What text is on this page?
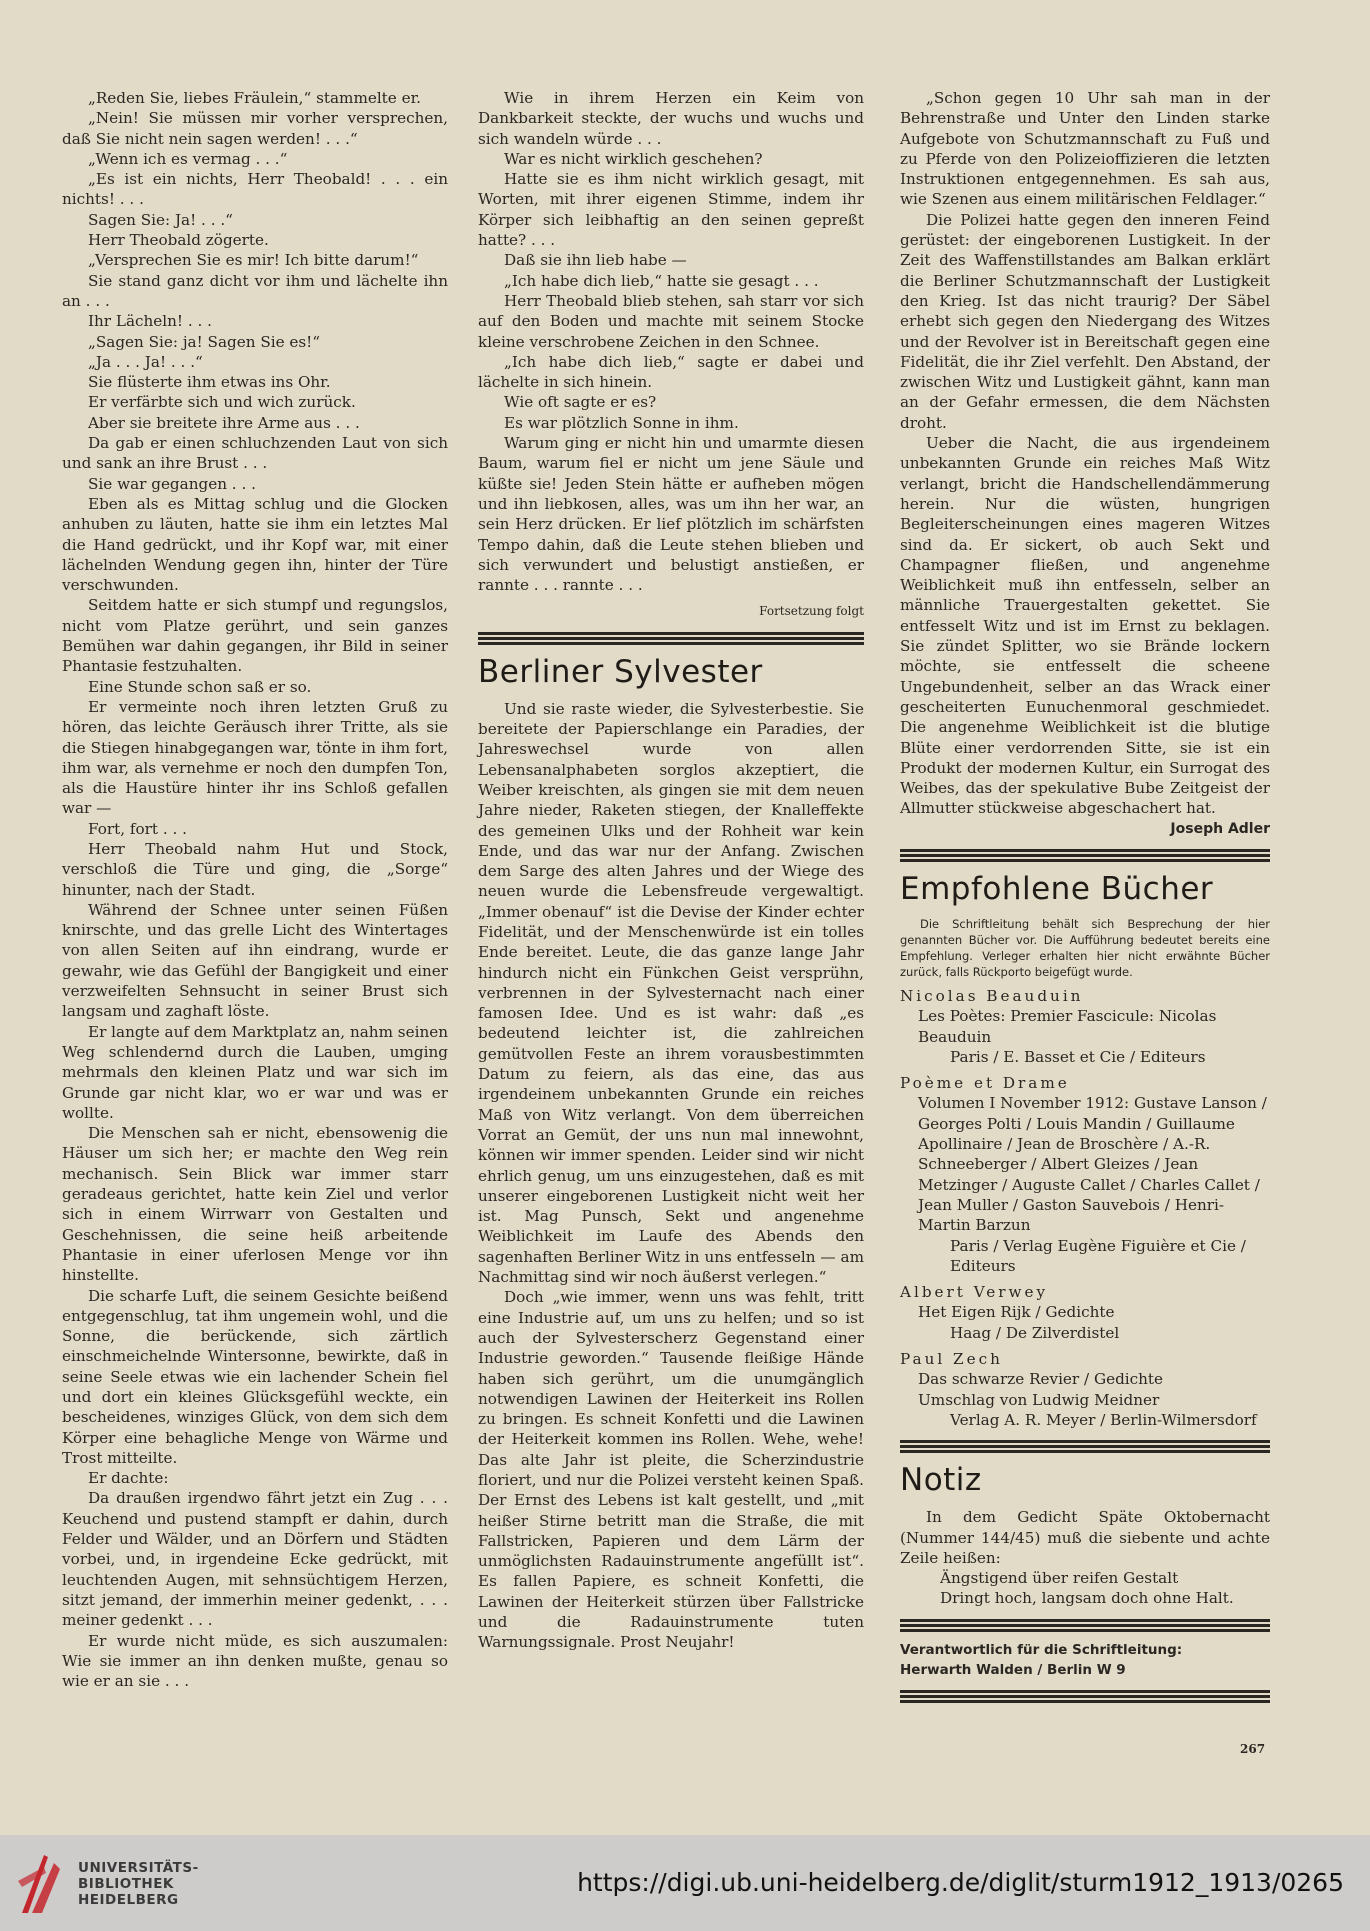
„Reden Sie, liebes Fräulein,“ stammelte er.

„Nein! Sie müssen mir vorher versprechen, daß Sie nicht nein sagen werden! . . .“

„Wenn ich es vermag . . .“

„Es ist ein nichts, Herr Theobald! . . . ein nichts! . . .

Sagen Sie: Ja! . . .“

Herr Theobald zögerte.

„Versprechen Sie es mir! Ich bitte darum!“

Sie stand ganz dicht vor ihm und lächelte ihn an . . .

Ihr Lächeln! . . .

„Sagen Sie: ja! Sagen Sie es!“

„Ja . . . Ja! . . .“

Sie flüsterte ihm etwas ins Ohr.

Er verfärbte sich und wich zurück.

Aber sie breitete ihre Arme aus . . .

Da gab er einen schluchzenden Laut von sich und sank an ihre Brust . . .

Sie war gegangen . . .

Eben als es Mittag schlug und die Glocken anhuben zu läuten, hatte sie ihm ein letztes Mal die Hand gedrückt, und ihr Kopf war, mit einer lächelnden Wendung gegen ihn, hinter der Türe verschwunden.

Seitdem hatte er sich stumpf und regungslos, nicht vom Platze gerührt, und sein ganzes Bemühen war dahin gegangen, ihr Bild in seiner Phantasie festzuhalten.

Eine Stunde schon saß er so.

Er vermeinte noch ihren letzten Gruß zu hören, das leichte Geräusch ihrer Tritte, als sie die Stiegen hinabgegangen war, tönte in ihm fort, ihm war, als vernehme er noch den dumpfen Ton, als die Haustüre hinter ihr ins Schloß gefallen war —

Fort, fort . . .

Herr Theobald nahm Hut und Stock, verschloß die Türe und ging, die „Sorge“ hinunter, nach der Stadt.

Während der Schnee unter seinen Füßen knirschte, und das grelle Licht des Wintertages von allen Seiten auf ihn eindrang, wurde er gewahr, wie das Gefühl der Bangigkeit und einer verzweifelten Sehnsucht in seiner Brust sich langsam und zaghaft löste.

Er langte auf dem Marktplatz an, nahm seinen Weg schlendernd durch die Lauben, umging mehrmals den kleinen Platz und war sich im Grunde gar nicht klar, wo er war und was er wollte.

Die Menschen sah er nicht, ebensowenig die Häuser um sich her; er machte den Weg rein mechanisch. Sein Blick war immer starr geradeaus gerichtet, hatte kein Ziel und verlor sich in einem Wirrwarr von Gestalten und Geschehnissen, die seine heiß arbeitende Phantasie in einer uferlosen Menge vor ihn hinstellte.

Die scharfe Luft, die seinem Gesichte beißend entgegenschlug, tat ihm ungemein wohl, und die Sonne, die berückende, sich zärtlich einschmeichelnde Wintersonne, bewirkte, daß in seine Seele etwas wie ein lachender Schein fiel und dort ein kleines Glücksgefühl weckte, ein bescheidenes, winziges Glück, von dem sich dem Körper eine behagliche Menge von Wärme und Trost mitteilte.

Er dachte:

Da draußen irgendwo fährt jetzt ein Zug . . . Keuchend und pustend stampft er dahin, durch Felder und Wälder, und an Dörfern und Städten vorbei, und, in irgendeine Ecke gedrückt, mit leuchtenden Augen, mit sehnsüchtigem Herzen, sitzt jemand, der immerhin meiner gedenkt, . . . meiner gedenkt . . .

Er wurde nicht müde, es sich auszumalen: Wie sie immer an ihn denken mußte, genau so wie er an sie . . .

Wie in ihrem Herzen ein Keim von Dankbarkeit steckte, der wuchs und wuchs und sich wandeln würde . . .

War es nicht wirklich geschehen?

Hatte sie es ihm nicht wirklich gesagt, mit Worten, mit ihrer eigenen Stimme, indem ihr Körper sich leibhaftig an den seinen gepreßt hatte? . . .

Daß sie ihn lieb habe —

„Ich habe dich lieb,“ hatte sie gesagt . . .

Herr Theobald blieb stehen, sah starr vor sich auf den Boden und machte mit seinem Stocke kleine verschrobene Zeichen in den Schnee.

„Ich habe dich lieb,“ sagte er dabei und lächelte in sich hinein.

Wie oft sagte er es?

Es war plötzlich Sonne in ihm.

Warum ging er nicht hin und umarmte diesen Baum, warum fiel er nicht um jene Säule und küßte sie! Jeden Stein hätte er aufheben mögen und ihn liebkosen, alles, was um ihn her war, an sein Herz drücken. Er lief plötzlich im schärfsten Tempo dahin, daß die Leute stehen blieben und sich verwundert und belustigt anstießen, er rannte . . . rannte . . .

Fortsetzung folgt

Berliner Sylvester

Und sie raste wieder, die Sylvesterbestie. Sie bereitete der Papierschlange ein Paradies, der Jahreswechsel wurde von allen Lebensanalphabeten sorglos akzeptiert, die Weiber kreischten, als gingen sie mit dem neuen Jahre nieder, Raketen stiegen, der Knalleffekte des gemeinen Ulks und der Rohheit war kein Ende, und das war nur der Anfang. Zwischen dem Sarge des alten Jahres und der Wiege des neuen wurde die Lebensfreude vergewaltigt. „Immer obenauf“ ist die Devise der Kinder echter Fidelität, und der Menschenwürde ist ein tolles Ende bereitet. Leute, die das ganze lange Jahr hindurch nicht ein Fünkchen Geist versprühn, verbrennen in der Sylvesternacht nach einer famosen Idee. Und es ist wahr: daß „es bedeutend leichter ist, die zahlreichen gemütvollen Feste an ihrem vorausbestimmten Datum zu feiern, als das eine, das aus irgendeinem unbekannten Grunde ein reiches Maß von Witz verlangt. Von dem überreichen Vorrat an Gemüt, der uns nun mal innewohnt, können wir immer spenden. Leider sind wir nicht ehrlich genug, um uns einzugestehen, daß es mit unserer eingeborenen Lustigkeit nicht weit her ist. Mag Punsch, Sekt und angenehme Weiblichkeit im Laufe des Abends den sagenhaften Berliner Witz in uns entfesseln — am Nachmittag sind wir noch äußerst verlegen.“

Doch „wie immer, wenn uns was fehlt, tritt eine Industrie auf, um uns zu helfen; und so ist auch der Sylvesterscherz Gegenstand einer Industrie geworden.“ Tausende fleißige Hände haben sich gerührt, um die unumgänglich notwendigen Lawinen der Heiterkeit ins Rollen zu bringen. Es schneit Konfetti und die Lawinen der Heiterkeit kommen ins Rollen. Wehe, wehe! Das alte Jahr ist pleite, die Scherzindustrie floriert, und nur die Polizei versteht keinen Spaß. Der Ernst des Lebens ist kalt gestellt, und „mit heißer Stirne betritt man die Straße, die mit Fallstricken, Papieren und dem Lärm der unmöglichsten Radauinstrumente angefüllt ist“. Es fallen Papiere, es schneit Konfetti, die Lawinen der Heiterkeit stürzen über Fallstricke und die Radauinstrumente tuten Warnungssignale. Prost Neujahr!

„Schon gegen 10 Uhr sah man in der Behrenstraße und Unter den Linden starke Aufgebote von Schutzmannschaft zu Fuß und zu Pferde von den Polizeioffizieren die letzten Instruktionen entgegennehmen. Es sah aus, wie Szenen aus einem militärischen Feldlager.“

Die Polizei hatte gegen den inneren Feind gerüstet: der eingeborenen Lustigkeit. In der Zeit des Waffenstillstandes am Balkan erklärt die Berliner Schutzmannschaft der Lustigkeit den Krieg. Ist das nicht traurig? Der Säbel erhebt sich gegen den Niedergang des Witzes und der Revolver ist in Bereitschaft gegen eine Fidelität, die ihr Ziel verfehlt. Den Abstand, der zwischen Witz und Lustigkeit gähnt, kann man an der Gefahr ermessen, die dem Nächsten droht.

Ueber die Nacht, die aus irgendeinem unbekannten Grunde ein reiches Maß Witz verlangt, bricht die Handschellendämmerung herein. Nur die wüsten, hungrigen Begleiterscheinungen eines mageren Witzes sind da. Er sickert, ob auch Sekt und Champagner fließen, und angenehme Weiblichkeit muß ihn entfesseln, selber an männliche Trauergestalten gekettet. Sie entfesselt Witz und ist im Ernst zu beklagen. Sie zündet Splitter, wo sie Brände lockern möchte, sie entfesselt die scheene Ungebundenheit, selber an das Wrack einer gescheiterten Eunuchenmoral geschmiedet. Die angenehme Weiblichkeit ist die blutige Blüte einer verdorrenden Sitte, sie ist ein Produkt der modernen Kultur, ein Surrogat des Weibes, das der spekulative Bube Zeitgeist der Allmutter stückweise abgeschachert hat.

Joseph Adler

Empfohlene Bücher

Die Schriftleitung behält sich Besprechung der hier genannten Bücher vor. Die Aufführung bedeutet bereits eine Empfehlung. Verleger erhalten hier nicht erwähnte Bücher zurück, falls Rückporto beigefügt wurde.

Nicolas Beauduin

Les Poètes: Premier Fascicule: Nicolas Beauduin

Paris / E. Basset et Cie / Editeurs

Poème et Drame

Volumen I November 1912: Gustave Lanson / Georges Polti / Louis Mandin / Guillaume Apollinaire / Jean de Broschère / A.-R. Schneeberger / Albert Gleizes / Jean Metzinger / Auguste Callet / Charles Callet / Jean Muller / Gaston Sauvebois / Henri-Martin Barzun

Paris / Verlag Eugène Figuière et Cie / Editeurs

Albert Verwey

Het Eigen Rijk / Gedichte

Haag / De Zilverdistel

Paul Zech

Das schwarze Revier / Gedichte

Umschlag von Ludwig Meidner

Verlag A. R. Meyer / Berlin-Wilmersdorf

Notiz

In dem Gedicht Späte Oktobernacht (Nummer 144/45) muß die siebente und achte Zeile heißen:

Ängstigend über reifen Gestalt

Dringt hoch, langsam doch ohne Halt.

Verantwortlich für die Schriftleitung:

Herwarth Walden / Berlin W 9

267
UNIVERSITÄTS-
BIBLIOTHEK
HEIDELBERG
https://digi.ub.uni-heidelberg.de/diglit/sturm1912_1913/0265
